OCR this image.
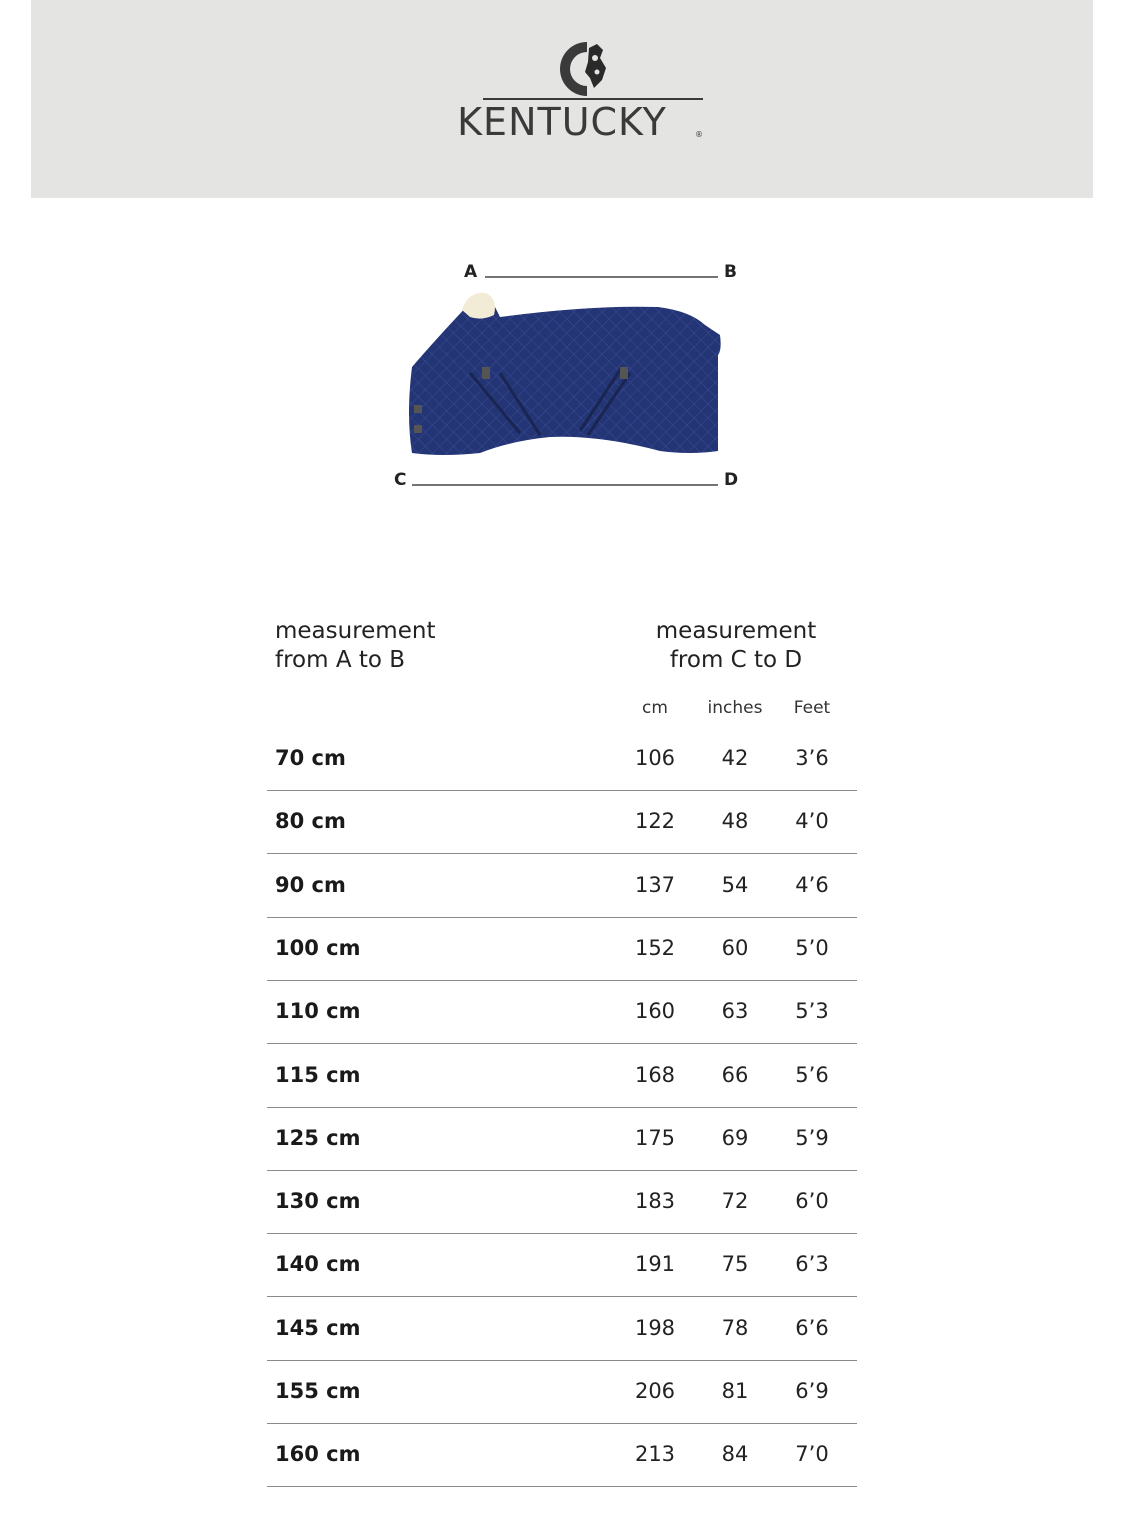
KENTUCKY	®
A	B
C	D
measurement
from A to B
measurement
from C to D
cm	inches	Feet
70 cm	106	42	3’6
80 cm	122	48	4’0
90 cm	137	54	4’6
100 cm	152	60	5’0
110 cm	160	63	5’3
115 cm	168	66	5’6
125 cm	175	69	5’9
130 cm	183	72	6’0
140 cm	191	75	6’3
145 cm	198	78	6’6
155 cm	206	81	6’9
160 cm	213	84	7’0
